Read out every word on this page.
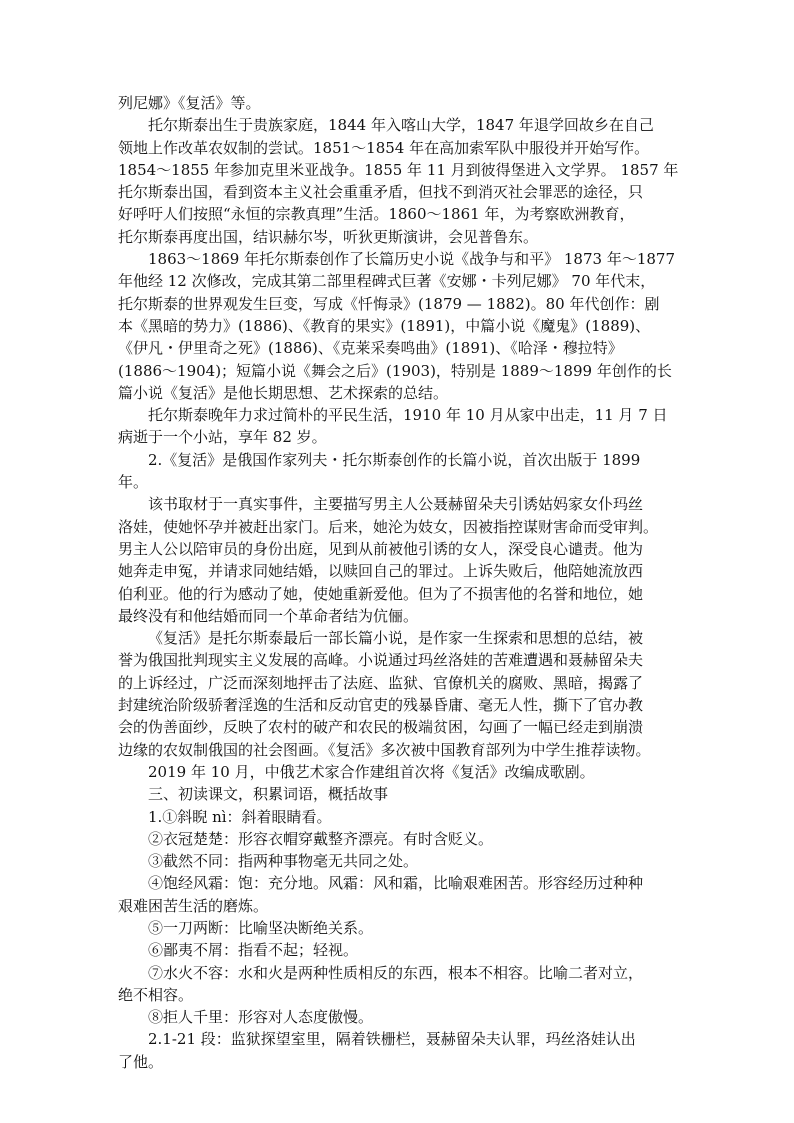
列尼娜》《复活》等。
托尔斯泰出生于贵族家庭，1844 年入喀山大学，1847 年退学回故乡在自己
领地上作改革农奴制的尝试。1851～1854 年在高加索军队中服役并开始写作。
1854～1855 年参加克里米亚战争。1855 年 11 月到彼得堡进入文学界。 1857 年
托尔斯泰出国，看到资本主义社会重重矛盾，但找不到消灭社会罪恶的途径，只
好呼吁人们按照“永恒的宗教真理”生活。1860～1861 年，为考察欧洲教育，
托尔斯泰再度出国，结识赫尔岑，听狄更斯演讲，会见普鲁东。
1863～1869 年托尔斯泰创作了长篇历史小说《战争与和平》 1873 年～1877
年他经 12 次修改，完成其第二部里程碑式巨著《安娜・卡列尼娜》 70 年代末，
托尔斯泰的世界观发生巨变，写成《忏悔录》(1879 — 1882)。80 年代创作：剧
本《黑暗的势力》(1886)、《教育的果实》(1891)，中篇小说《魔鬼》(1889)、
《伊凡・伊里奇之死》(1886)、《克莱采奏鸣曲》(1891)、《哈泽・穆拉特》
(1886～1904)；短篇小说《舞会之后》(1903)，特别是 1889～1899 年创作的长
篇小说《复活》是他长期思想、艺术探索的总结。
托尔斯泰晚年力求过简朴的平民生活，1910 年 10 月从家中出走，11 月 7 日
病逝于一个小站，享年 82 岁。
2.《复活》是俄国作家列夫・托尔斯泰创作的长篇小说，首次出版于 1899
年。
该书取材于一真实事件，主要描写男主人公聂赫留朵夫引诱姑妈家女仆玛丝
洛娃，使她怀孕并被赶出家门。后来，她沦为妓女，因被指控谋财害命而受审判。
男主人公以陪审员的身份出庭，见到从前被他引诱的女人，深受良心谴责。他为
她奔走申冤，并请求同她结婚，以赎回自己的罪过。上诉失败后，他陪她流放西
伯利亚。他的行为感动了她，使她重新爱他。但为了不损害他的名誉和地位，她
最终没有和他结婚而同一个革命者结为伉俪。
《复活》是托尔斯泰最后一部长篇小说，是作家一生探索和思想的总结，被
誉为俄国批判现实主义发展的高峰。小说通过玛丝洛娃的苦难遭遇和聂赫留朵夫
的上诉经过，广泛而深刻地抨击了法庭、监狱、官僚机关的腐败、黑暗，揭露了
封建统治阶级骄奢淫逸的生活和反动官吏的残暴昏庸、毫无人性，撕下了官办教
会的伪善面纱，反映了农村的破产和农民的极端贫困，勾画了一幅已经走到崩溃
边缘的农奴制俄国的社会图画。《复活》多次被中国教育部列为中学生推荐读物。
2019 年 10 月，中俄艺术家合作建组首次将《复活》改编成歌剧。
三、初读课文，积累词语，概括故事
1.①斜睨 nì：斜着眼睛看。
②衣冠楚楚：形容衣帽穿戴整齐漂亮。有时含贬义。
③截然不同：指两种事物毫无共同之处。
④饱经风霜：饱：充分地。风霜：风和霜，比喻艰难困苦。形容经历过种种
艰难困苦生活的磨炼。
⑤一刀两断：比喻坚决断绝关系。
⑥鄙夷不屑：指看不起；轻视。
⑦水火不容：水和火是两种性质相反的东西，根本不相容。比喻二者对立，
绝不相容。
⑧拒人千里：形容对人态度傲慢。
2.1-21 段：监狱探望室里，隔着铁栅栏，聂赫留朵夫认罪，玛丝洛娃认出
了他。
